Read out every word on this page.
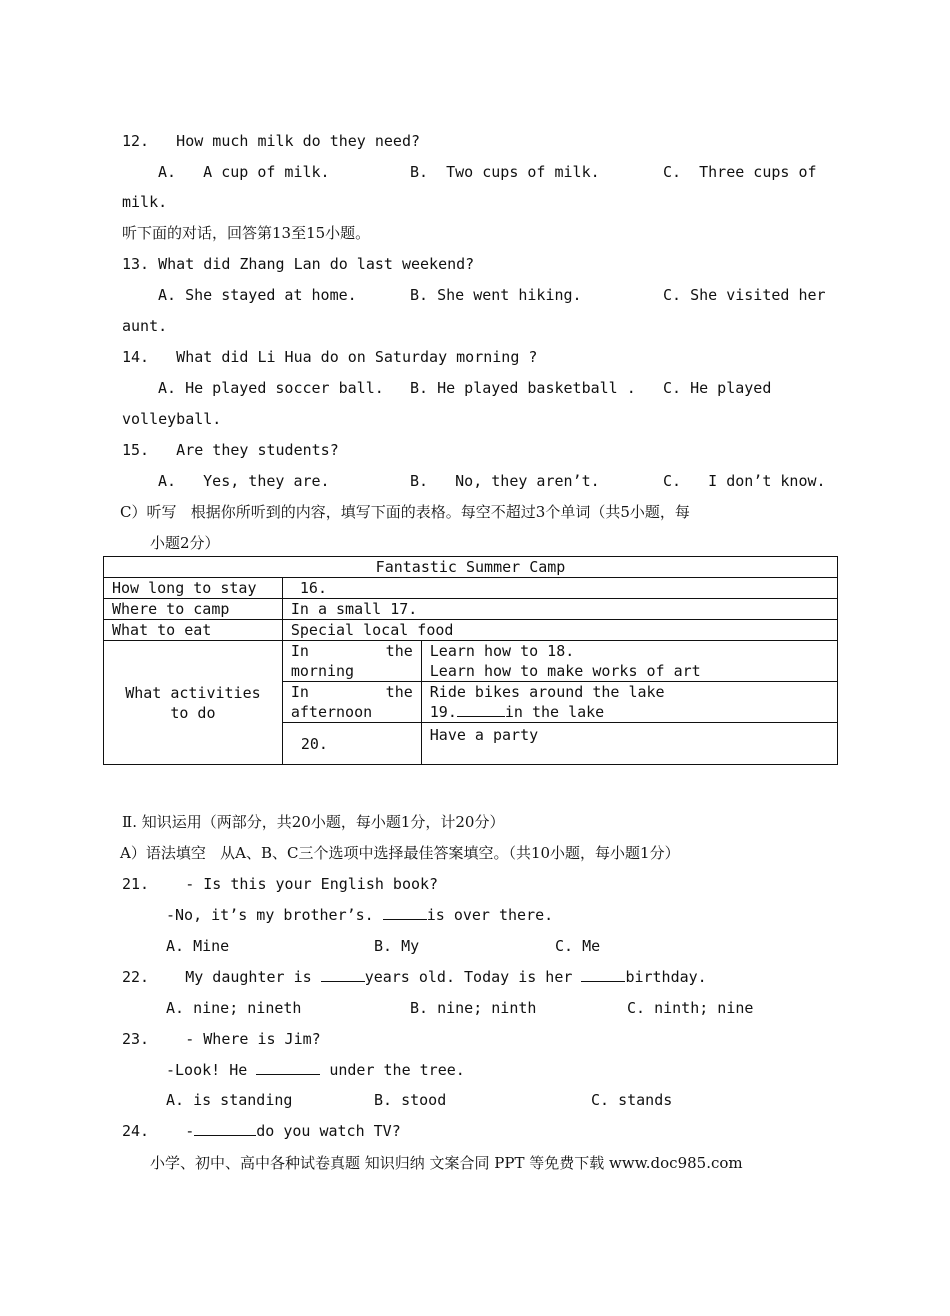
12.   How much milk do they need?
A.   A cup of milk.	B.  Two cups of milk.	C.  Three cups of
milk.
听下面的对话，回答第13至15小题。
13. What did Zhang Lan do last weekend?
A. She stayed at home.	B. She went hiking.	C. She visited her
aunt.
14.   What did Li Hua do on Saturday morning ?
A. He played soccer ball. B. He played basketball . C. He played
volleyball.
15.   Are they students?
A.   Yes, they are.	B.   No, they aren’t.	C.   I don’t know.
C）听写   根据你所听到的内容，填写下面的表格。每空不超过3个单词（共5小题，每
小题2分）
Fantastic Summer Camp		
How long to stay	16.	
Where to camp	In a small 17.	
What to eat	Special local food	
What activities to do	In the morning	Learn how to 18.
Learn how to make works of art

	In the afternoon	Ride bikes around the lake
19. in the lake

	20.	Have a party
Ⅱ. 知识运用（两部分，共20小题，每小题1分，计20分）
A）语法填空   从A、B、C三个选项中选择最佳答案填空。（共10小题，每小题1分）
21.    - Is this your English book?
-No, it’s my brother’s.	is over there.
A. Mine	B. My	C. Me
22.    My daughter is	years old. Today is her	birthday.
A. nine; nineth	B. nine; ninth	C. ninth; nine
23.    - Where is Jim?
-Look! He	under the tree.
A. is standing	B. stood	C. stands
24.    -	do you watch TV?
小学、初中、高中各种试卷真题 知识归纳 文案合同 PPT 等免费下载 www.doc985.com
